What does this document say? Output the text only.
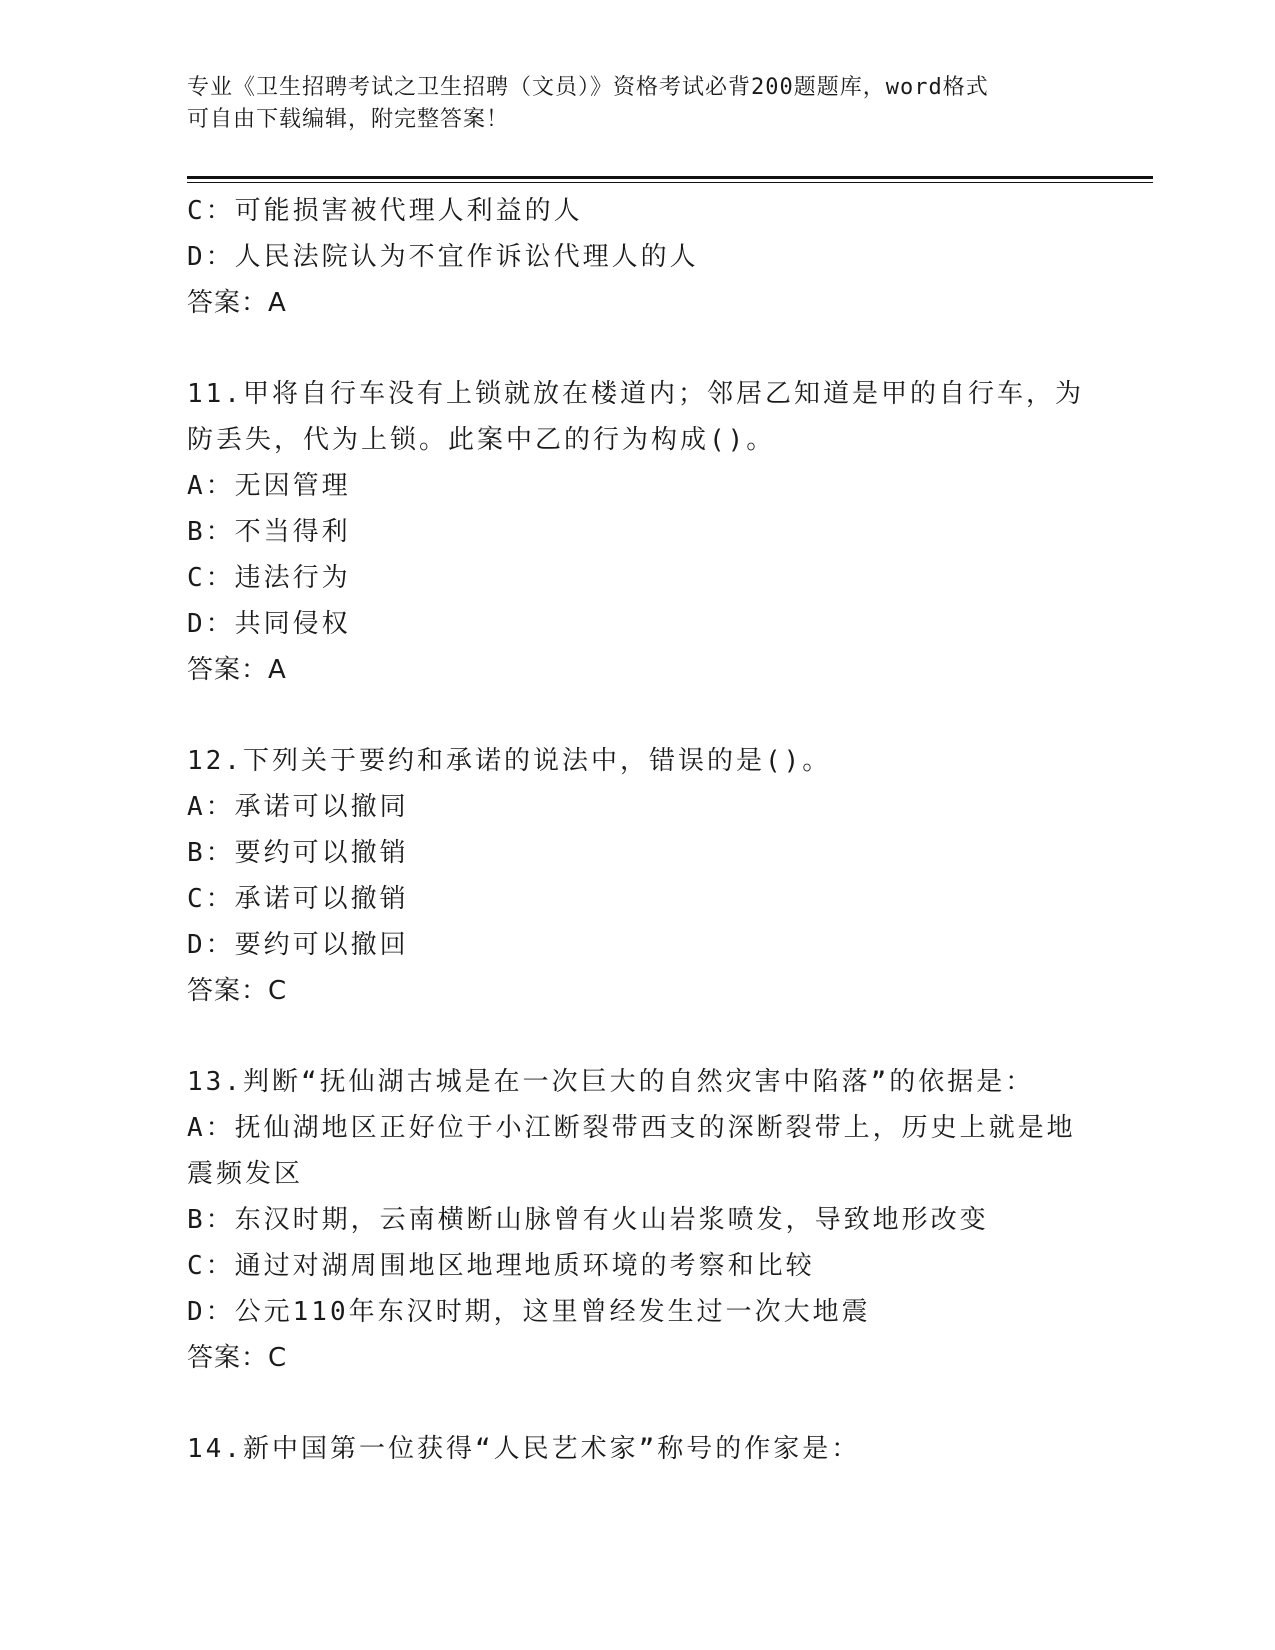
专业《卫生招聘考试之卫生招聘（文员）》资格考试必背200题题库，word格式
可自由下载编辑，附完整答案！
C：可能损害被代理人利益的人
D：人民法院认为不宜作诉讼代理人的人
答案：A
11.甲将自行车没有上锁就放在楼道内；邻居乙知道是甲的自行车，为
防丢失，代为上锁。此案中乙的行为构成()。
A：无因管理
B：不当得利
C：违法行为
D：共同侵权
答案：A
12.下列关于要约和承诺的说法中，错误的是()。
A：承诺可以撤同
B：要约可以撤销
C：承诺可以撤销
D：要约可以撤回
答案：C
13.判断“抚仙湖古城是在一次巨大的自然灾害中陷落”的依据是：
A：抚仙湖地区正好位于小江断裂带西支的深断裂带上，历史上就是地
震频发区
B：东汉时期，云南横断山脉曾有火山岩浆喷发，导致地形改变
C：通过对湖周围地区地理地质环境的考察和比较
D：公元110年东汉时期，这里曾经发生过一次大地震
答案：C
14.新中国第一位获得“人民艺术家”称号的作家是：
